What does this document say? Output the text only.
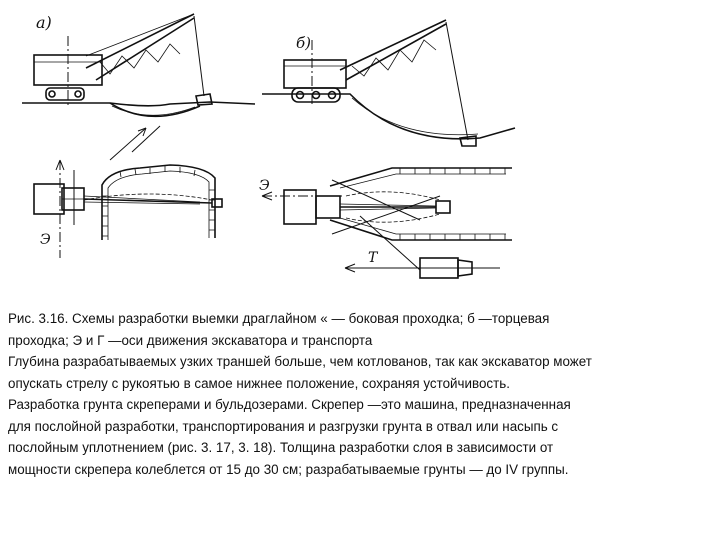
а)
б)
Э
Э
Т
Рис. 3.16. Схемы разработки выемки драглайном « — боковая проходка; б —торцевая
проходка; Э и Г —оси движения экскаватора и транспорта
Глубина разрабатываемых узких траншей больше, чем котлованов, так как экскаватор может
опускать стрелу с рукоятью в самое нижнее положение, сохраняя устойчивость.
Разработка грунта скреперами и бульдозерами. Скрепер —это машина, предназначенная
для послойной разработки, транспортирования и разгрузки грунта в отвал или насыпь с
послойным уплотнением (рис. 3. 17, 3. 18). Толщина разработки слоя в зависимости от
мощности скрепера колеблется от 15 до 30 см; разрабатываемые грунты — до IV группы.
